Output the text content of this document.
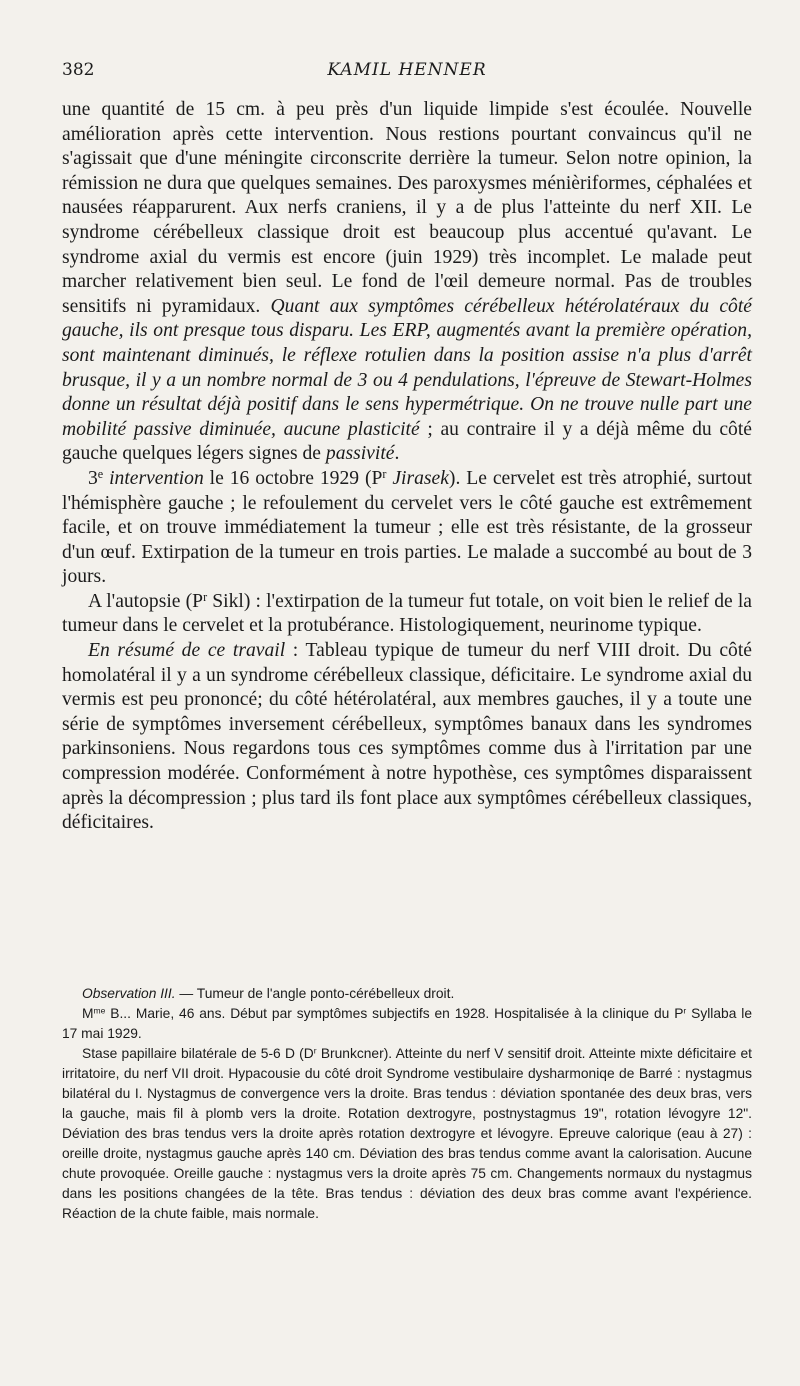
382	KAMIL HENNER

une quantité de 15 cm. à peu près d'un liquide limpide s'est écoulée. Nouvelle amélioration après cette intervention. Nous restions pourtant convaincus qu'il ne s'agissait que d'une méningite circonscrite derrière la tumeur. Selon notre opinion, la rémission ne dura que quelques semaines. Des paroxysmes ménièriformes, céphalées et nausées réapparurent. Aux nerfs craniens, il y a de plus l'atteinte du nerf XII. Le syndrome cérébelleux classique droit est beaucoup plus accentué qu'avant. Le syndrome axial du vermis est encore (juin 1929) très incomplet. Le malade peut marcher relativement bien seul. Le fond de l'œil demeure normal. Pas de troubles sensitifs ni pyramidaux. Quant aux symptômes cérébelleux hétérolatéraux du côté gauche, ils ont presque tous disparu. Les ERP, augmentés avant la première opération, sont maintenant diminués, le réflexe rotulien dans la position assise n'a plus d'arrêt brusque, il y a un nombre normal de 3 ou 4 pendulations, l'épreuve de Stewart-Holmes donne un résultat déjà positif dans le sens hypermétrique. On ne trouve nulle part une mobilité passive diminuée, aucune plasticité ; au contraire il y a déjà même du côté gauche quelques légers signes de passivité.

3e intervention le 16 octobre 1929 ($P^r$ Jirasek). Le cervelet est très atrophié, surtout l'hémisphère gauche ; le refoulement du cervelet vers le côté gauche est extrêmement facile, et on trouve immédiatement la tumeur ; elle est très résistante, de la grosseur d'un œuf. Extirpation de la tumeur en trois parties. Le malade a succombé au bout de 3 jours.

A l'autopsie ($P^r$ Sikl) : l'extirpation de la tumeur fut totale, on voit bien le relief de la tumeur dans le cervelet et la protubérance. Histologiquement, neurinome typique.

En résumé de ce travail : Tableau typique de tumeur du nerf VIII droit. Du côté homolatéral il y a un syndrome cérébelleux classique, déficitaire. Le syndrome axial du vermis est peu prononcé; du côté hétérolatéral, aux membres gauches, il y a toute une série de symptômes inversement cérébelleux, symptômes banaux dans les syndromes parkinsoniens. Nous regardons tous ces symptômes comme dus à l'irritation par une compression modérée. Conformément à notre hypothèse, ces symptômes disparaissent après la décompression ; plus tard ils font place aux symptômes cérébelleux classiques, déficitaires.

Observation III. — Tumeur de l'angle ponto-cérébelleux droit.

$M^{me}$ B... Marie, 46 ans. Début par symptômes subjectifs en 1928. Hospitalisée à la clinique du $P^r$ Syllaba le 17 mai 1929.

Stase papillaire bilatérale de 5-6 D ($D^r$ Brunkcner). Atteinte du nerf V sensitif droit. Atteinte mixte déficitaire et irritatoire, du nerf VII droit. Hypacousie du côté droit Syndrome vestibulaire dysharmoniqe de Barré : nystagmus bilatéral du I. Nystagmus de convergence vers la droite. Bras tendus : déviation spontanée des deux bras, vers la gauche, mais fil à plomb vers la droite. Rotation dextrogyre, postnystagmus 19", rotation lévogyre 12". Déviation des bras tendus vers la droite après rotation dextrogyre et lévogyre. Epreuve calorique (eau à 27) : oreille droite, nystagmus gauche après 140 cm. Déviation des bras tendus comme avant la calorisation. Aucune chute provoquée. Oreille gauche : nystagmus vers la droite après 75 cm. Changements normaux du nystagmus dans les positions changées de la tête. Bras tendus : déviation des deux bras comme avant l'expérience. Réaction de la chute faible, mais normale.
